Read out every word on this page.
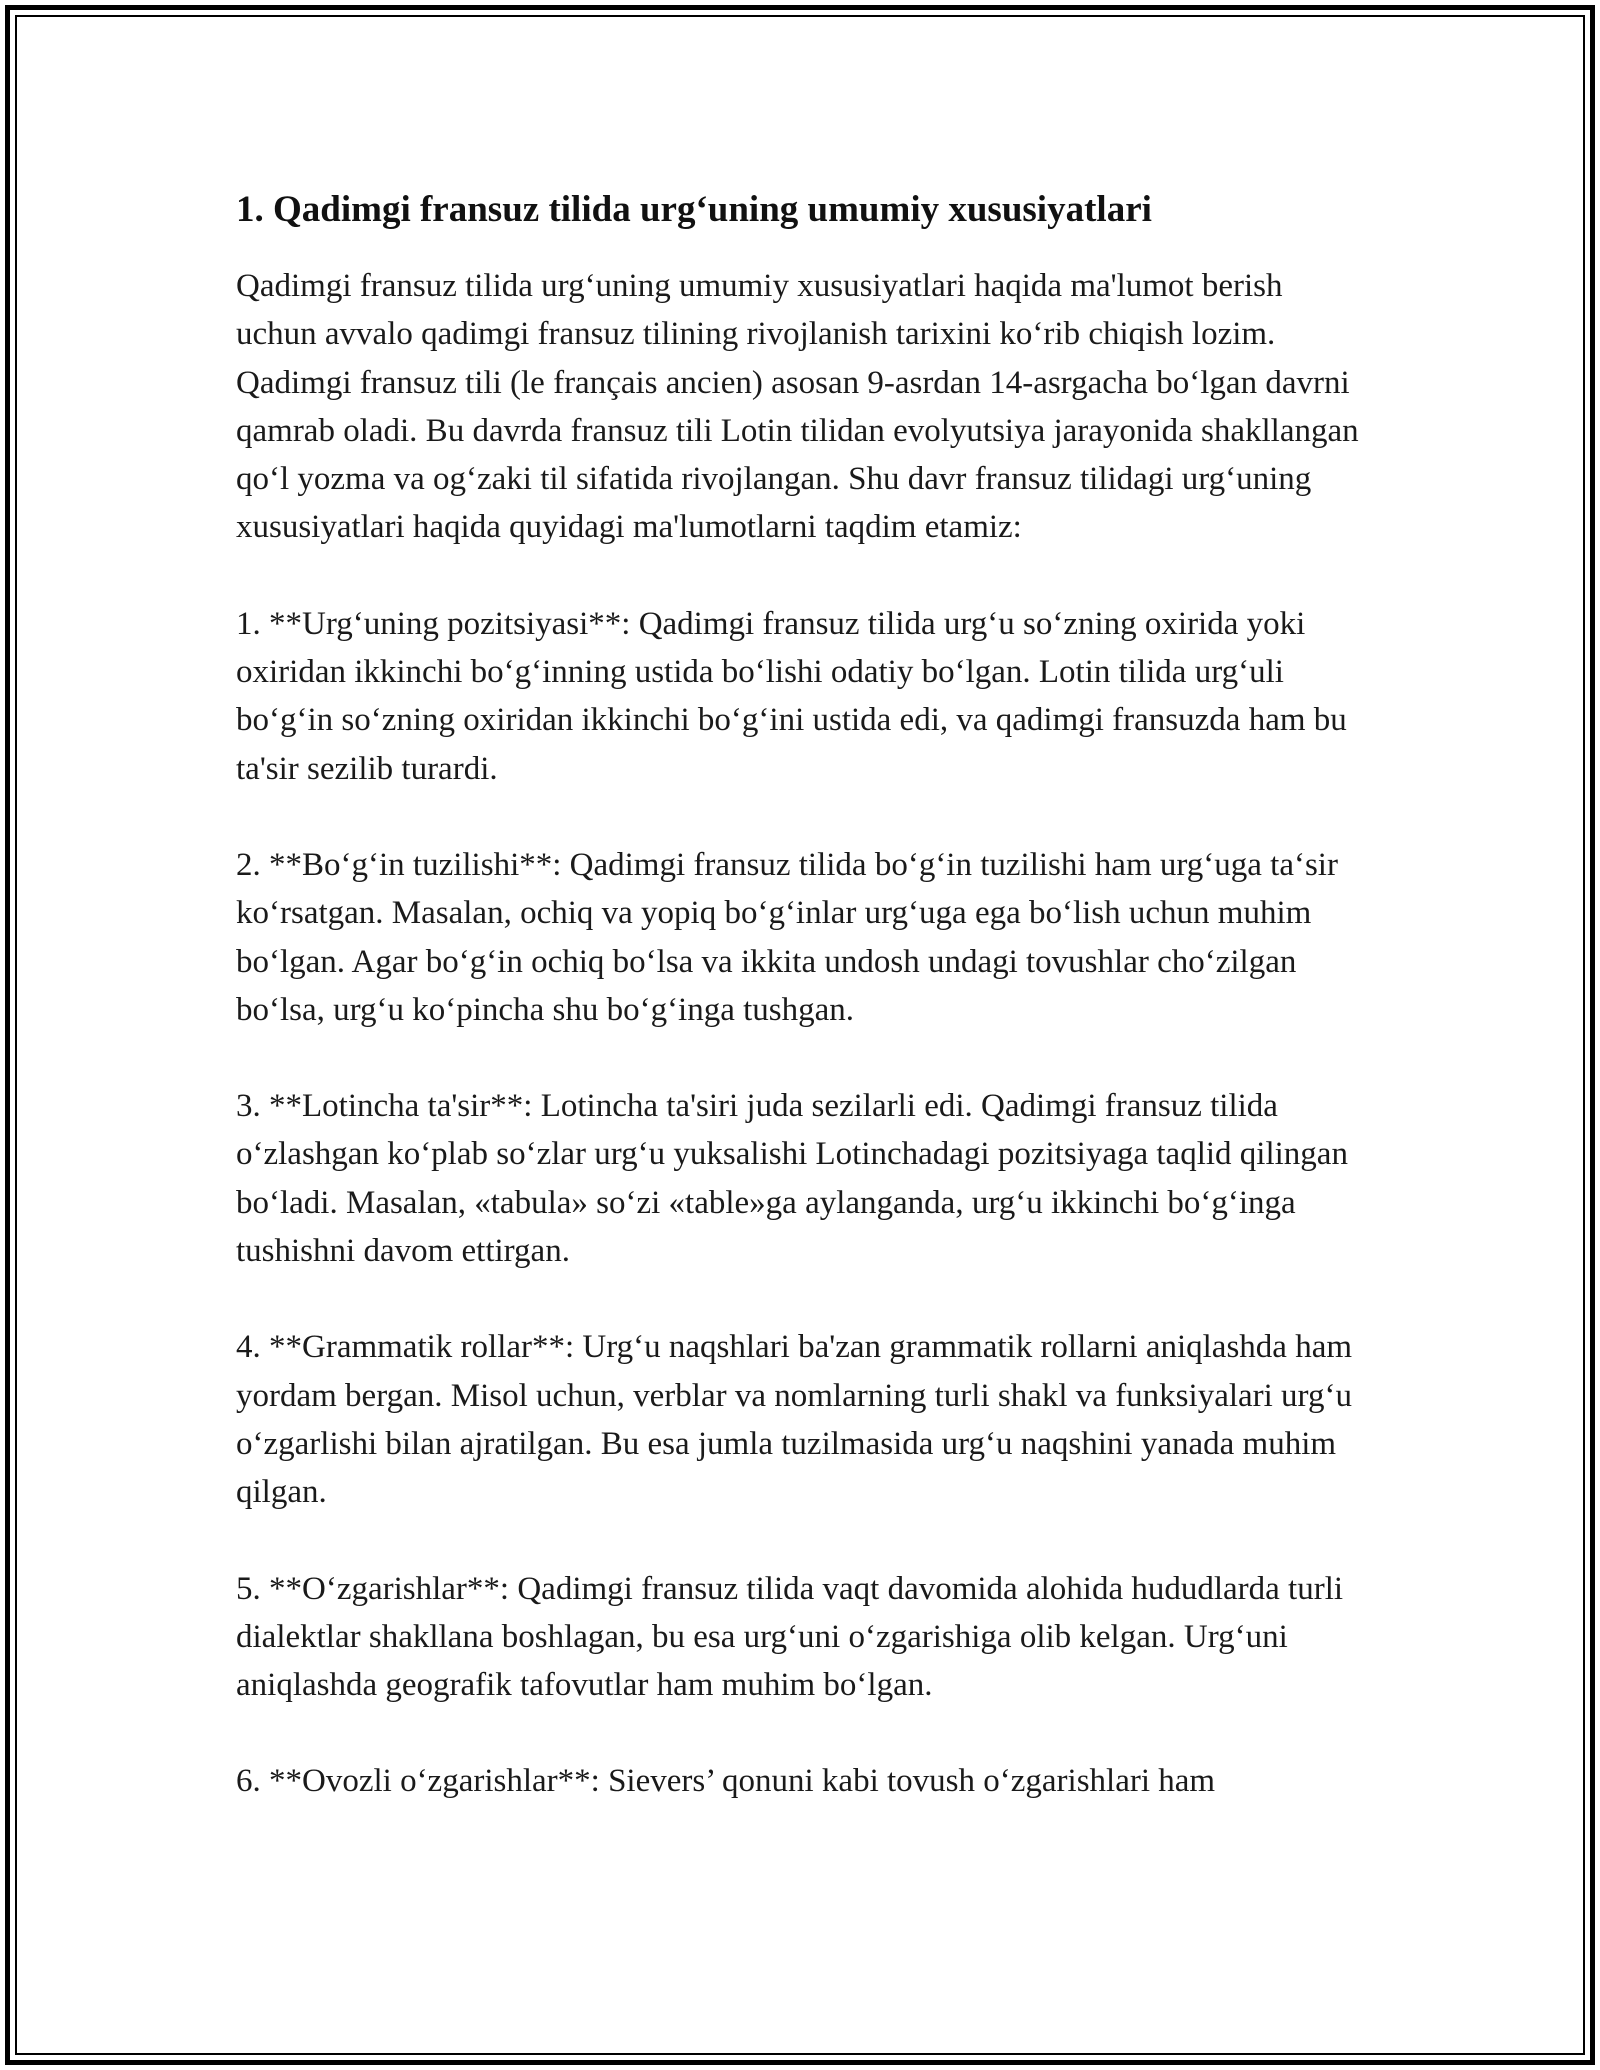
1. Qadimgi fransuz tilida urg‘uning umumiy xususiyatlari

Qadimgi fransuz tilida urg‘uning umumiy xususiyatlari haqida ma'lumot berish uchun avvalo qadimgi fransuz tilining rivojlanish tarixini ko‘rib chiqish lozim. Qadimgi fransuz tili (le français ancien) asosan 9-asrdan 14-asrgacha bo‘lgan davrni qamrab oladi. Bu davrda fransuz tili Lotin tilidan evolyutsiya jarayonida shakllangan qo‘l yozma va og‘zaki til sifatida rivojlangan. Shu davr fransuz tilidagi urg‘uning xususiyatlari haqida quyidagi ma'lumotlarni taqdim etamiz:

1. **Urg‘uning pozitsiyasi**: Qadimgi fransuz tilida urg‘u so‘zning oxirida yoki oxiridan ikkinchi bo‘g‘inning ustida bo‘lishi odatiy bo‘lgan. Lotin tilida urg‘uli bo‘g‘in so‘zning oxiridan ikkinchi bo‘g‘ini ustida edi, va qadimgi fransuzda ham bu ta'sir sezilib turardi.

2. **Bo‘g‘in tuzilishi**: Qadimgi fransuz tilida bo‘g‘in tuzilishi ham urg‘uga ta‘sir ko‘rsatgan. Masalan, ochiq va yopiq bo‘g‘inlar urg‘uga ega bo‘lish uchun muhim bo‘lgan. Agar bo‘g‘in ochiq bo‘lsa va ikkita undosh undagi tovushlar cho‘zilgan bo‘lsa, urg‘u ko‘pincha shu bo‘g‘inga tushgan.

3. **Lotincha ta'sir**: Lotincha ta'siri juda sezilarli edi. Qadimgi fransuz tilida o‘zlashgan ko‘plab so‘zlar urg‘u yuksalishi Lotinchadagi pozitsiyaga taqlid qilingan bo‘ladi. Masalan, «tabula» so‘zi «table»ga aylanganda, urg‘u ikkinchi bo‘g‘inga tushishni davom ettirgan.

4. **Grammatik rollar**: Urg‘u naqshlari ba'zan grammatik rollarni aniqlashda ham yordam bergan. Misol uchun, verblar va nomlarning turli shakl va funksiyalari urg‘u o‘zgarlishi bilan ajratilgan. Bu esa jumla tuzilmasida urg‘u naqshini yanada muhim qilgan.

5. **O‘zgarishlar**: Qadimgi fransuz tilida vaqt davomida alohida hududlarda turli dialektlar shakllana boshlagan, bu esa urg‘uni o‘zgarishiga olib kelgan. Urg‘uni aniqlashda geografik tafovutlar ham muhim bo‘lgan.

6. **Ovozli o‘zgarishlar**: Sievers’ qonuni kabi tovush o‘zgarishlari ham
